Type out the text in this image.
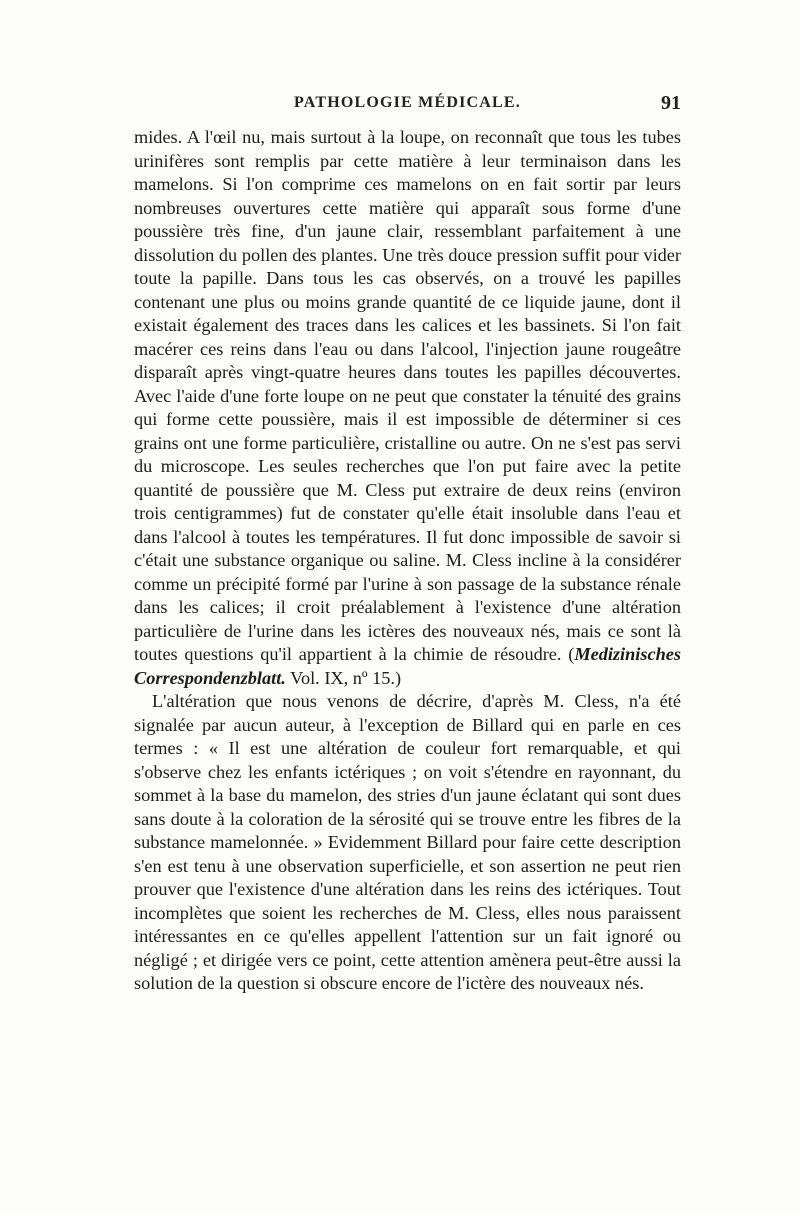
PATHOLOGIE MÉDICALE.	91

mides. A l'œil nu, mais surtout à la loupe, on reconnaît que tous les tubes urinifères sont remplis par cette matière à leur terminaison dans les mamelons. Si l'on comprime ces mamelons on en fait sortir par leurs nombreuses ouvertures cette matière qui apparaît sous forme d'une poussière très fine, d'un jaune clair, ressemblant parfaitement à une dissolution du pollen des plantes. Une très douce pression suffit pour vider toute la papille. Dans tous les cas observés, on a trouvé les papilles contenant une plus ou moins grande quantité de ce liquide jaune, dont il existait également des traces dans les calices et les bassinets. Si l'on fait macérer ces reins dans l'eau ou dans l'alcool, l'injection jaune rougeâtre disparaît après vingt-quatre heures dans toutes les papilles découvertes. Avec l'aide d'une forte loupe on ne peut que constater la ténuité des grains qui forme cette poussière, mais il est impossible de déterminer si ces grains ont une forme particulière, cristalline ou autre. On ne s'est pas servi du microscope. Les seules recherches que l'on put faire avec la petite quantité de poussière que M. Cless put extraire de deux reins (environ trois centigrammes) fut de constater qu'elle était insoluble dans l'eau et dans l'alcool à toutes les températures. Il fut donc impossible de savoir si c'était une substance organique ou saline. M. Cless incline à la considérer comme un précipité formé par l'urine à son passage de la substance rénale dans les calices; il croit préalablement à l'existence d'une altération particulière de l'urine dans les ictères des nouveaux nés, mais ce sont là toutes questions qu'il appartient à la chimie de résoudre. (Medizinisches Correspondenzblatt. Vol. IX, nº 15.)

L'altération que nous venons de décrire, d'après M. Cless, n'a été signalée par aucun auteur, à l'exception de Billard qui en parle en ces termes : « Il est une altération de couleur fort remarquable, et qui s'observe chez les enfants ictériques ; on voit s'étendre en rayonnant, du sommet à la base du mamelon, des stries d'un jaune éclatant qui sont dues sans doute à la coloration de la sérosité qui se trouve entre les fibres de la substance mamelonnée. » Evidemment Billard pour faire cette description s'en est tenu à une observation superficielle, et son assertion ne peut rien prouver que l'existence d'une altération dans les reins des ictériques. Tout incomplètes que soient les recherches de M. Cless, elles nous paraissent intéressantes en ce qu'elles appellent l'attention sur un fait ignoré ou négligé ; et dirigée vers ce point, cette attention amènera peut-être aussi la solution de la question si obscure encore de l'ictère des nouveaux nés.
